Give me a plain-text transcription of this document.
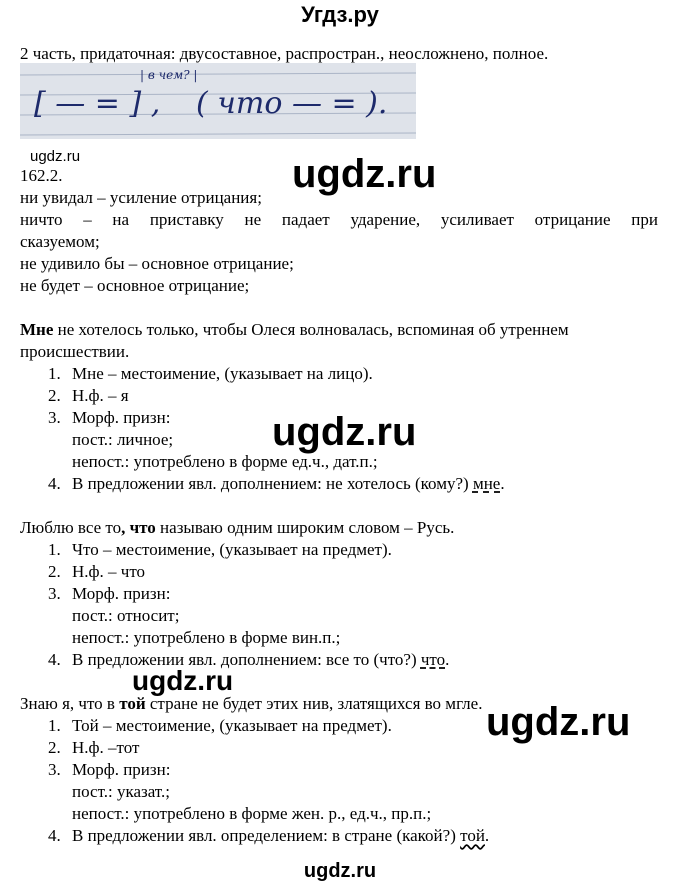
Угдз.ру
2 часть, придаточная: двусоставное, распростран., неосложнено, полное.
| в чем? |
[ — = ] , ( что — = ).
ugdz.ru
162.2.	ugdz.ru
ни увидал – усиление отрицания;
ничто – на приставку не падает ударение, усиливает отрицание при
сказуемом;
не удивило бы – основное отрицание;
не будет – основное отрицание;
Мне не хотелось только, чтобы Олеся волновалась, вспоминая об утреннем
происшествии.
1. Мне – местоимение, (указывает на лицо).
2. Н.ф. – я
3. Морф. призн:
пост.: личное;
непост.: употреблено в форме ед.ч., дат.п.;
4. В предложении явл. дополнением: не хотелось (кому?) мне.
ugdz.ru
Люблю все то, что называю одним широким словом – Русь.
1. Что – местоимение, (указывает на предмет).
2. Н.ф. – что
3. Морф. призн:
пост.: относит;
непост.: употреблено в форме вин.п.;
4. В предложении явл. дополнением: все то (что?) что.
ugdz.ru
Знаю я, что в той стране не будет этих нив, златящихся во мгле.
1. Той – местоимение, (указывает на предмет).
2. Н.ф. –тот
3. Морф. призн:
пост.: указат.;
непост.: употреблено в форме жен. р., ед.ч., пр.п.;
4. В предложении явл. определением: в стране (какой?) той.
ugdz.ru
ugdz.ru
